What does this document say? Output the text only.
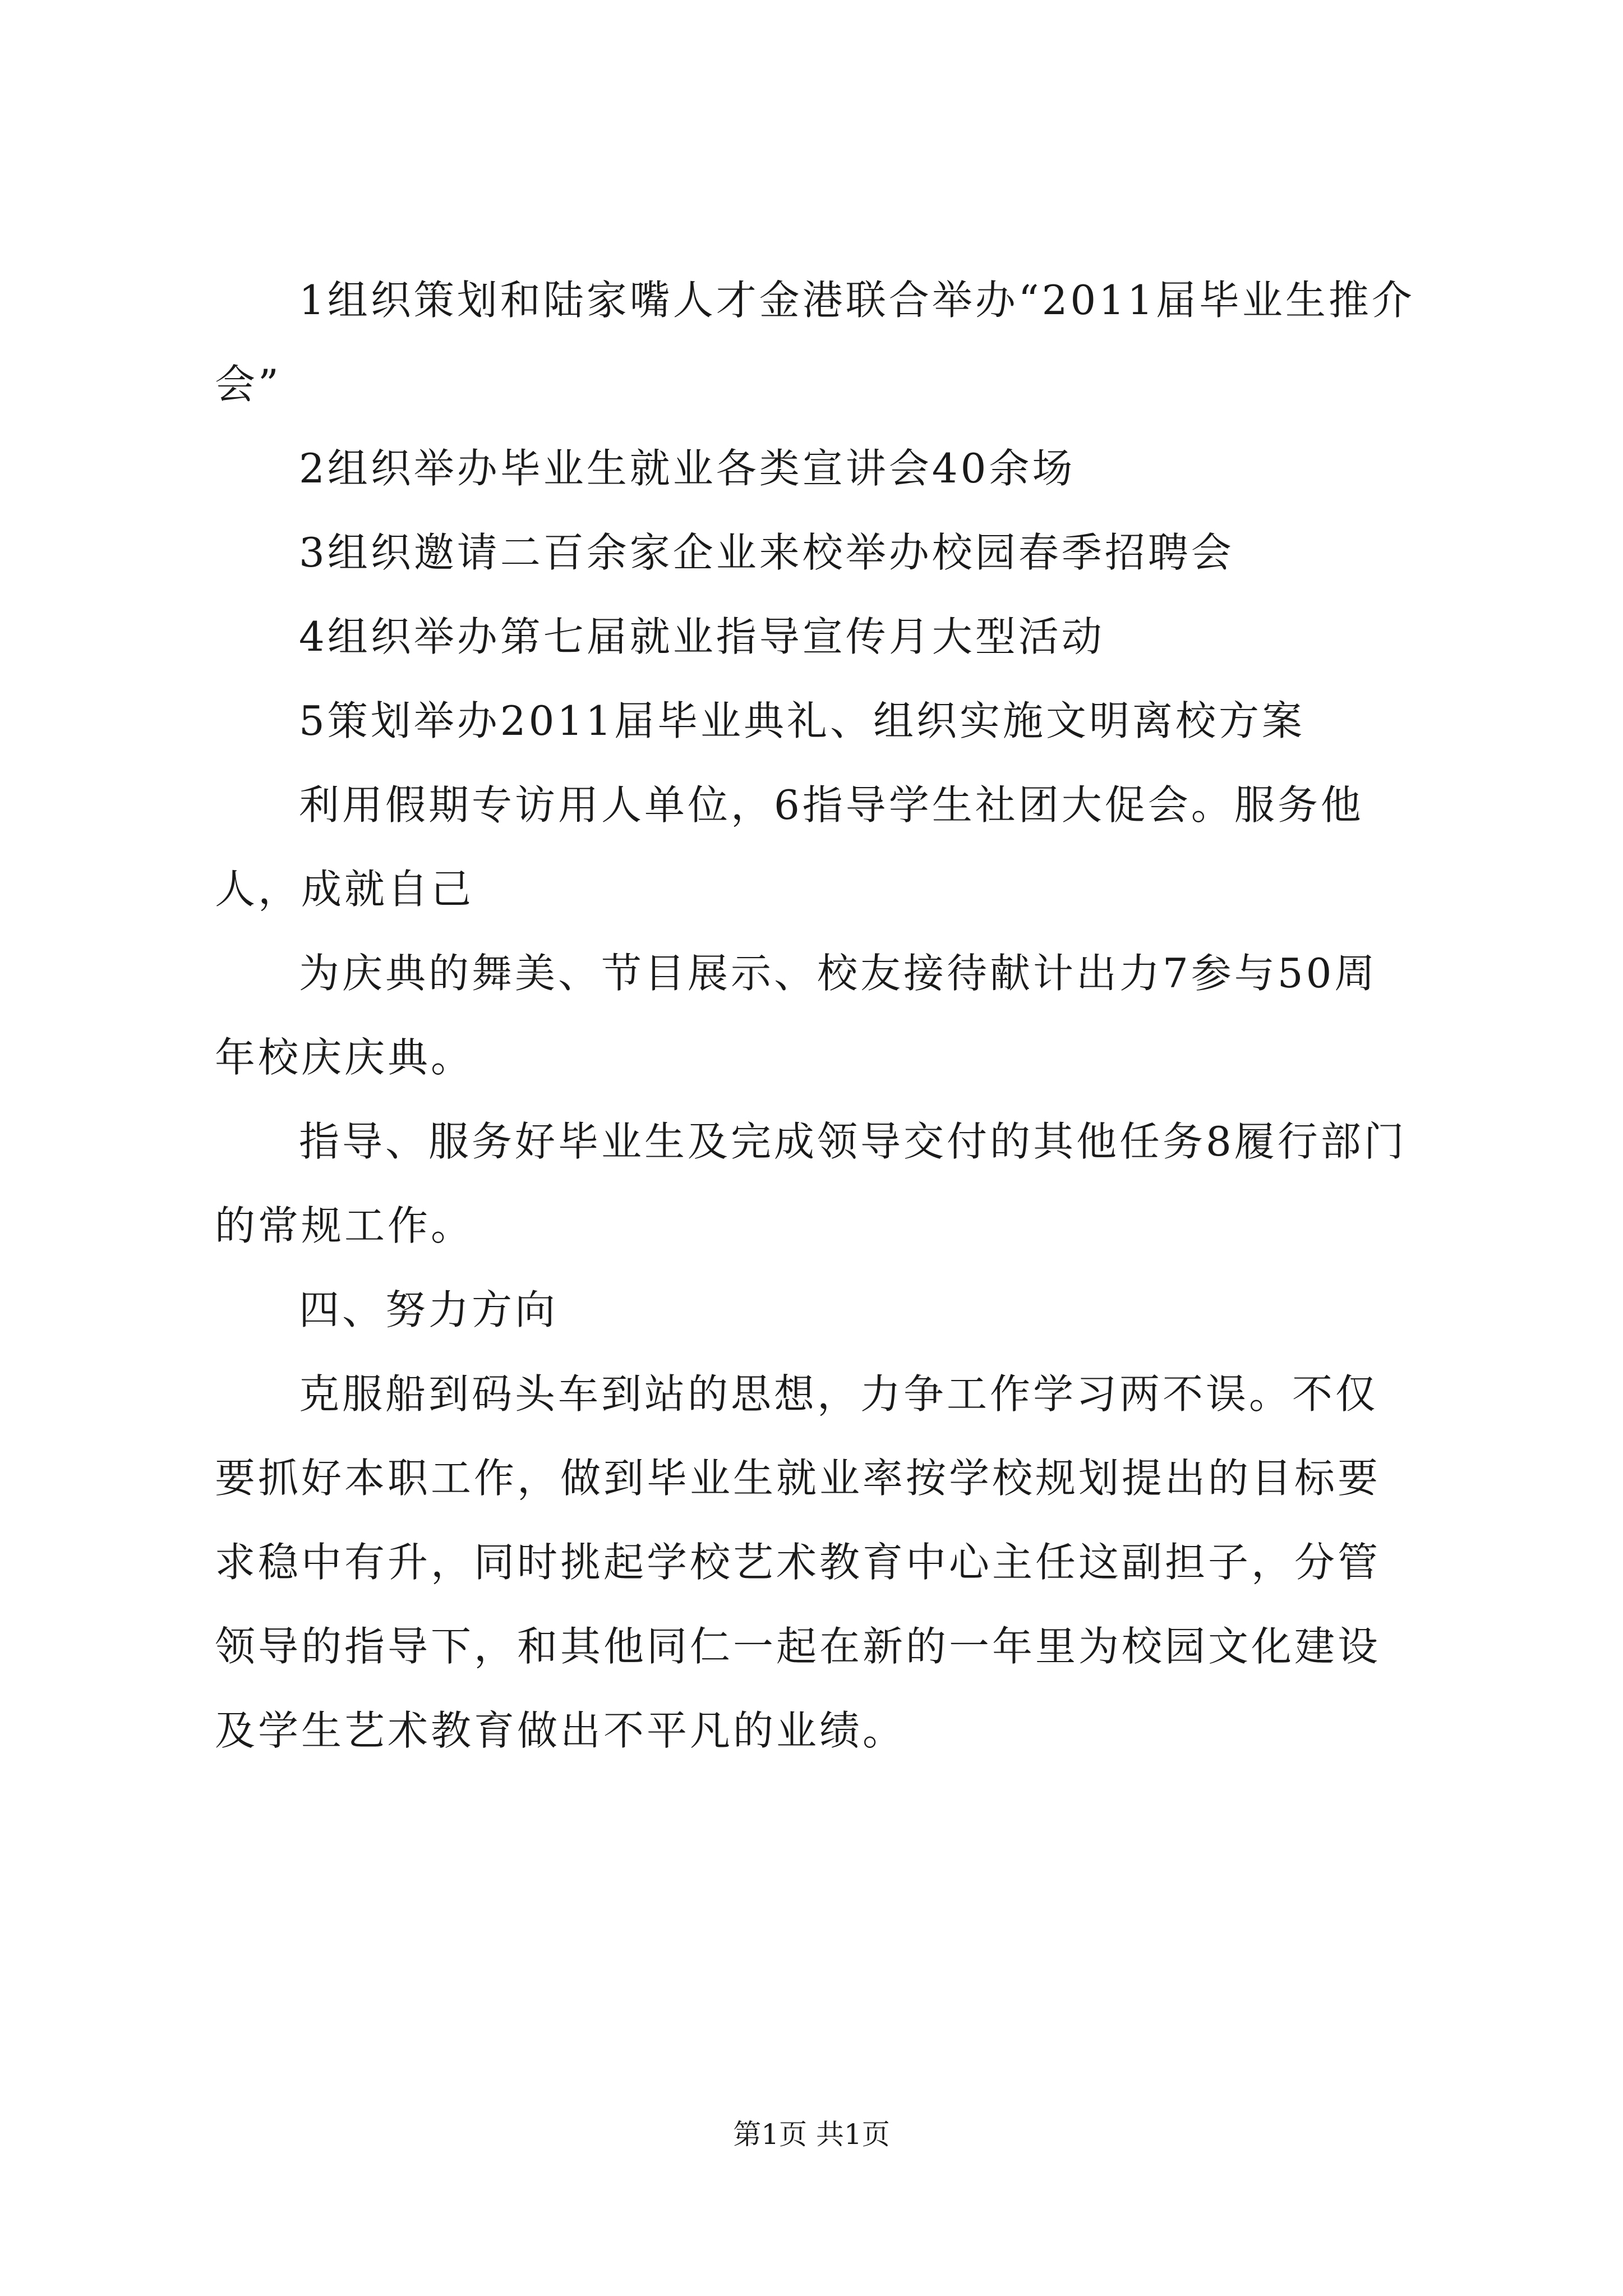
1组织策划和陆家嘴人才金港联合举办“2011届毕业生推介会”

2组织举办毕业生就业各类宣讲会40余场

3组织邀请二百余家企业来校举办校园春季招聘会

4组织举办第七届就业指导宣传月大型活动

5策划举办2011届毕业典礼、组织实施文明离校方案

利用假期专访用人单位，6指导学生社团大促会。服务他人，成就自己

为庆典的舞美、节目展示、校友接待献计出力7参与50周年校庆庆典。

指导、服务好毕业生及完成领导交付的其他任务8履行部门的常规工作。

四、努力方向

克服船到码头车到站的思想，力争工作学习两不误。不仅要抓好本职工作，做到毕业生就业率按学校规划提出的目标要求稳中有升，同时挑起学校艺术教育中心主任这副担子，分管领导的指导下，和其他同仁一起在新的一年里为校园文化建设及学生艺术教育做出不平凡的业绩。

第1页 共1页
